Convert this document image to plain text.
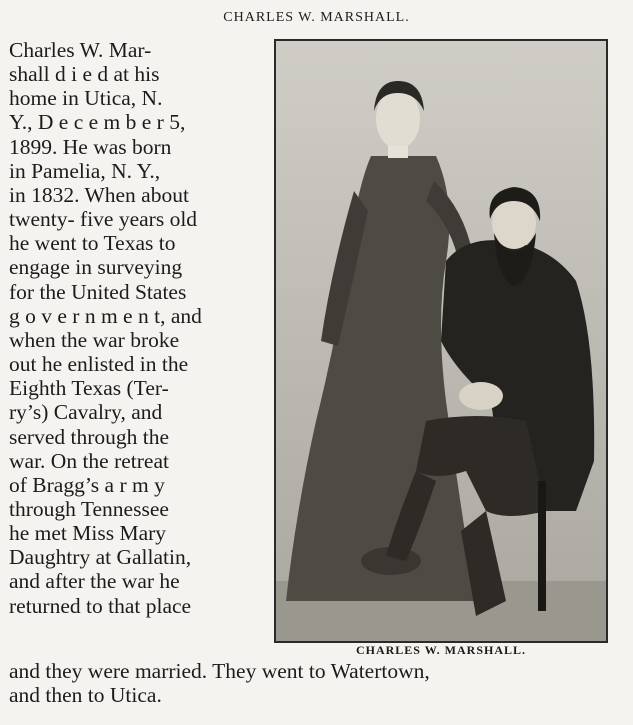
CHARLES W. MARSHALL.
Charles W. Mar-
shall d i e d at his
home in Utica, N.
Y., D e c e m b e r 5,
1899. He was born
in Pamelia, N. Y.,
in 1832. When about
twenty- five years old
he went to Texas to
engage in surveying
for the United States
g o v e r n m e n t, and
when the war broke
out he enlisted in the
Eighth Texas (Ter-
ry’s) Cavalry, and
served through the
war. On the retreat
of Bragg’s a r m y
through Tennessee
he met Miss Mary
Daughtry at Gallatin,
and after the war he
returned to that place
CHARLES W. MARSHALL.
and they were married. They went to Watertown,
and then to Utica.
